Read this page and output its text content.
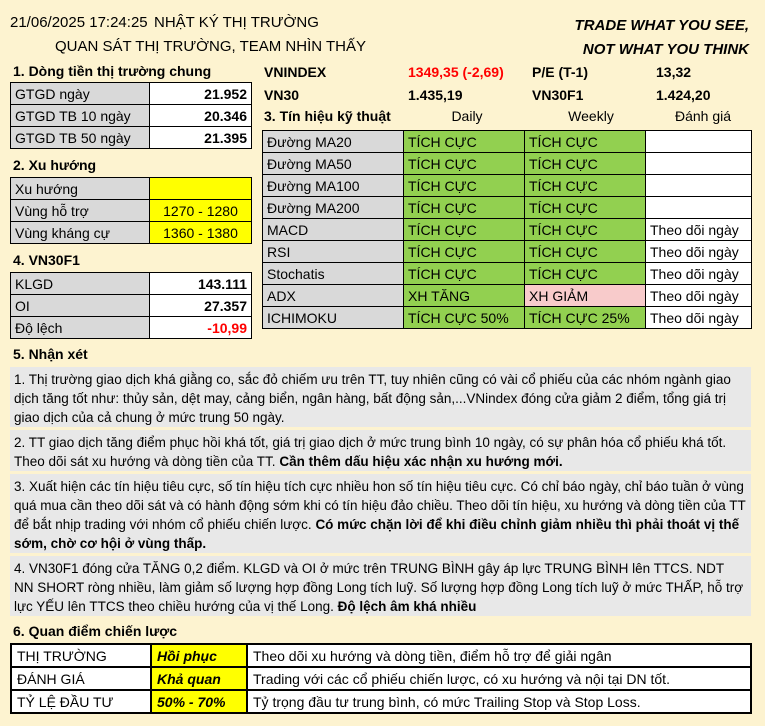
21/06/2025 17:24:25 NHẬT KÝ THỊ TRƯỜNG
QUAN SÁT THỊ TRƯỜNG, TEAM NHÌN THẤY
TRADE WHAT YOU SEE,
NOT WHAT YOU THINK
1. Dòng tiền thị trường chung
GTGD ngày	21.952
GTGD TB 10 ngày	20.346
GTGD TB 50 ngày	21.395
2. Xu hướng
Xu hướng	
Vùng hỗ trợ	1270 - 1280
Vùng kháng cự	1360 - 1380
4. VN30F1
KLGD	143.111
OI	27.357
Độ lệch	-10,99
VNINDEX	1349,35 (-2,69)	P/E (T-1)	13,32
VN30	1.435,19	VN30F1	1.424,20
3. Tín hiệu kỹ thuật	Daily	Weekly	Đánh giá
Đường MA20	TÍCH CỰC	TÍCH CỰC	
Đường MA50	TÍCH CỰC	TÍCH CỰC	
Đường MA100	TÍCH CỰC	TÍCH CỰC	
Đường MA200	TÍCH CỰC	TÍCH CỰC	
MACD	TÍCH CỰC	TÍCH CỰC	Theo dõi ngày
RSI	TÍCH CỰC	TÍCH CỰC	Theo dõi ngày
Stochatis	TÍCH CỰC	TÍCH CỰC	Theo dõi ngày
ADX	XH TĂNG	XH GIẢM	Theo dõi ngày
ICHIMOKU	TÍCH CỰC 50%	TÍCH CỰC 25%	Theo dõi ngày
5. Nhận xét
1. Thị trường giao dịch khá giằng co, sắc đỏ chiếm ưu trên TT, tuy nhiên cũng có vài cổ phiếu của các nhóm ngành giao dịch tăng tốt như: thủy sản, dệt may, cảng biển, ngân hàng, bất động sản,...VNindex đóng cửa giảm 2 điểm, tổng giá trị giao dịch của cả chung ở mức trung 50 ngày.
2. TT giao dịch tăng điểm phục hồi khá tốt, giá trị giao dịch ở mức trung bình 10 ngày, có sự phân hóa cổ phiếu khá tốt. Theo dõi sát xu hướng và dòng tiền của TT. Cần thêm dấu hiệu xác nhận xu hướng mới.
3. Xuất hiện các tín hiệu tiêu cực, số tín hiệu tích cực nhiều hon số tín hiệu tiêu cực. Có chỉ báo ngày, chỉ báo tuần ở vùng quá mua cần theo dõi sát và có hành động sớm khi có tín hiệu đảo chiều. Theo dõi tín hiệu, xu hướng và dòng tiền của TT để bắt nhịp trading với nhóm cổ phiếu chiến lược. Có mức chặn lời để khi điều chỉnh giảm nhiều thì phải thoát vị thế sớm, chờ cơ hội ở vùng thấp.
4. VN30F1 đóng cửa TĂNG 0,2 điểm. KLGD và OI ở mức trên TRUNG BÌNH gây áp lực TRUNG BÌNH lên TTCS. NDT NN SHORT ròng nhiều, làm giảm số lượng hợp đồng Long tích luỹ. Số lượng hợp đồng Long tích luỹ ở mức THẤP, hỗ trợ lực YẾU lên TTCS theo chiều hướng của vị thế Long. Độ lệch âm khá nhiều
6. Quan điểm chiến lược
THỊ TRƯỜNG	Hồi phục	Theo dõi xu hướng và dòng tiền, điểm hỗ trợ để giải ngân
ĐÁNH GIÁ	Khả quan	Trading với các cổ phiếu chiến lược, có xu hướng và nội tại DN tốt.
TỶ LỆ ĐẦU TƯ	50% - 70%	Tỷ trọng đầu tư trung bình, có mức Trailing Stop và Stop Loss.
